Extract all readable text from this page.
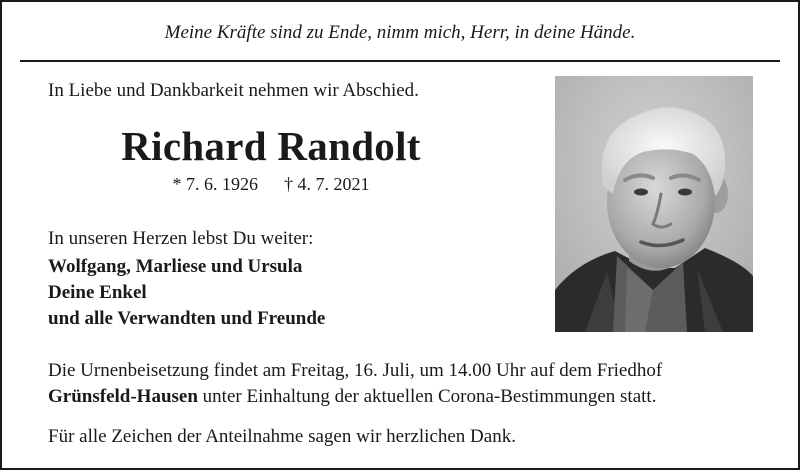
Meine Kräfte sind zu Ende, nimm mich, Herr, in deine Hände.
In Liebe und Dankbarkeit nehmen wir Abschied.
Richard Randolt
* 7. 6. 1926 † 4. 7. 2021
In unseren Herzen lebst Du weiter:
Wolfgang, Marliese und Ursula
Deine Enkel
und alle Verwandten und Freunde
Die Urnenbeisetzung findet am Freitag, 16. Juli, um 14.00 Uhr auf dem Friedhof
Grünsfeld-Hausen unter Einhaltung der aktuellen Corona-Bestimmungen statt.
Für alle Zeichen der Anteilnahme sagen wir herzlichen Dank.
